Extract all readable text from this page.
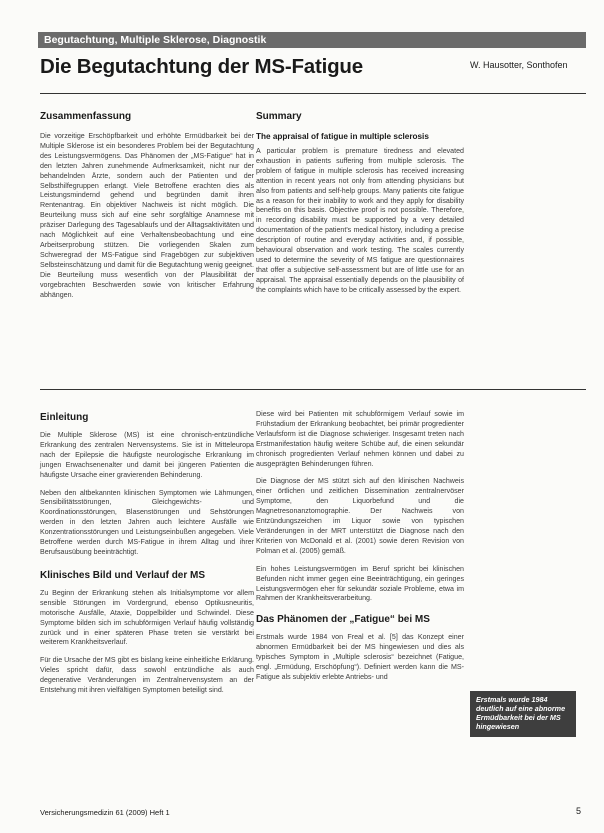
Begutachtung, Multiple Sklerose, Diagnostik
Die Begutachtung der MS-Fatigue	W. Hausotter, Sonthofen
Zusammenfassung

Die vorzeitige Erschöpfbarkeit und erhöhte Ermüdbarkeit bei der Multiple Sklerose ist ein besonderes Problem bei der Begutachtung des Leistungsvermögens. Das Phänomen der „MS-Fatigue“ hat in den letzten Jahren zunehmende Aufmerksamkeit, nicht nur der behandelnden Ärzte, sondern auch der Patienten und der Selbsthilfegruppen erlangt. Viele Betroffene erachten dies als Leistungsmindernd gehend und begründen damit ihren Rentenantrag. Ein objektiver Nachweis ist nicht möglich. Die Beurteilung muss sich auf eine sehr sorgfältige Anamnese mit präziser Darlegung des Tagesablaufs und der Alltagsaktivitäten und nach Möglichkeit auf eine Verhaltensbeobachtung und eine Arbeitserprobung stützen. Die vorliegenden Skalen zum Schweregrad der MS-Fatigue sind Fragebögen zur subjektiven Selbsteinschätzung und damit für die Begutachtung wenig geeignet. Die Beurteilung muss wesentlich von der Plausibilität der vorgebrachten Beschwerden sowie von kritischer Erfahrung abhängen.

Summary
The appraisal of fatigue in multiple sclerosis

A particular problem is premature tiredness and elevated exhaustion in patients suffering from multiple sclerosis. The problem of fatigue in multiple sclerosis has received increasing attention in recent years not only from attending physicians but also from patients and self-help groups. Many patients cite fatigue as a reason for their inability to work and they apply for disability benefits on this basis. Objective proof is not possible. Therefore, in recording disability must be supported by a very detailed documentation of the patient's medical history, including a precise description of routine and everyday activities and, if possible, behavioural observation and work testing. The scales currently used to determine the severity of MS fatigue are questionnaires that offer a subjective self-assessment but are of little use for an appraisal. The appraisal essentially depends on the plausibility of the complaints which have to be critically assessed by the expert.

Einleitung

Die Multiple Sklerose (MS) ist eine chronisch-entzündliche Erkrankung des zentralen Nervensystems. Sie ist in Mitteleuropa nach der Epilepsie die häufigste neurologische Erkrankung im jungen Erwachsenenalter und damit bei jüngeren Patienten die häufigste Ursache einer gravierenden Behinderung.

Neben den altbekannten klinischen Symptomen wie Lähmungen, Sensibilitätsstörungen, Gleichgewichts- und Koordinationsstörungen, Blasenstörungen und Sehstörungen werden in den letzten Jahren auch leichtere Ausfälle wie Konzentrationsstörungen und Leistungseinbußen angegeben. Viele Betroffene werden durch MS-Fatigue in ihrem Alltag und ihrer Berufsausübung beeinträchtigt.

Klinisches Bild und Verlauf der MS

Zu Beginn der Erkrankung stehen als Initialsymptome vor allem sensible Störungen im Vordergrund, ebenso Optikusneuritis, motorische Ausfälle, Ataxie, Doppelbilder und Schwindel. Diese Symptome bilden sich im schubförmigen Verlauf häufig vollständig zurück und in einer späteren Phase treten sie verstärkt bei weiterem Krankheitsverlauf.

Für die Ursache der MS gibt es bislang keine einheitliche Erklärung. Vieles spricht dafür, dass sowohl entzündliche als auch degenerative Veränderungen im Zentralnervensystem an der Entstehung mit ihren vielfältigen Symptomen beteiligt sind.

Diese wird bei Patienten mit schubförmigem Verlauf sowie im Frühstadium der Erkrankung beobachtet, bei primär progredienter Verlaufsform ist die Diagnose schwieriger. Insgesamt treten nach Erstmanifestation häufig weitere Schübe auf, die einen sekundär chronisch progredienten Verlauf nehmen können und dabei zu ausgeprägten Behinderungen führen.

Die Diagnose der MS stützt sich auf den klinischen Nachweis einer örtlichen und zeitlichen Dissemination zentralnervöser Symptome, den Liquorbefund und die Magnetresonanztomographie. Der Nachweis von Entzündungszeichen im Liquor sowie von typischen Veränderungen in der MRT unterstützt die Diagnose nach den Kriterien von McDonald et al. (2001) sowie deren Revision von Polman et al. (2005) gemäß.

Ein hohes Leistungsvermögen im Beruf spricht bei klinischen Befunden nicht immer gegen eine Beeinträchtigung, ein geringes Leistungsvermögen eher für sekundär soziale Probleme, etwa im Rahmen der Krankheitsverarbeitung.

Das Phänomen der „Fatigue“ bei MS

Erstmals wurde 1984 von Freal et al. [5] das Konzept einer abnormen Ermüdbarkeit bei der MS hingewiesen und dies als typisches Symptom in „Multiple sclerosis“ bezeichnet (Fatigue, engl. „Ermüdung, Erschöpfung“). Definiert werden kann die MS-Fatigue als subjektiv erlebte Antriebs- und

Erstmals wurde 1984 deutlich auf eine abnorme Ermüdbarkeit bei der MS hingewiesen
Versicherungsmedizin 61 (2009) Heft 1	5
